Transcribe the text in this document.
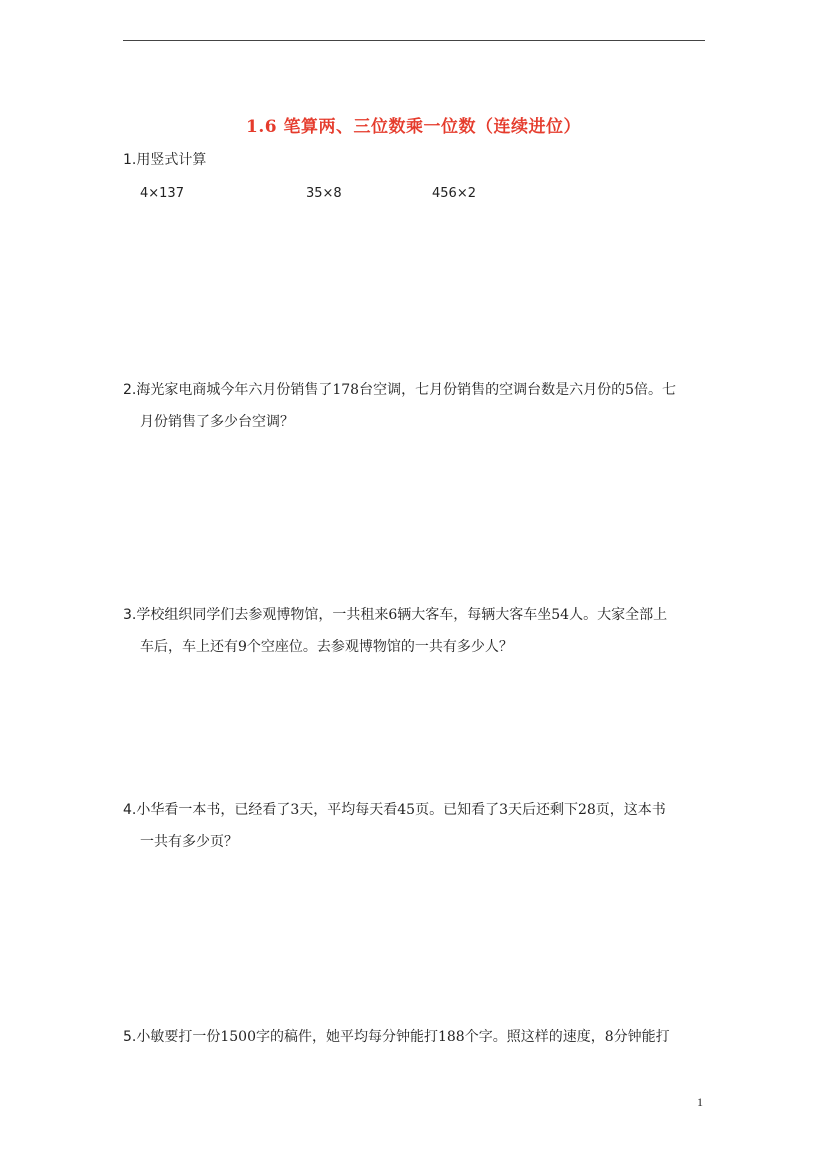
1.6 笔算两、三位数乘一位数（连续进位）
1.用竖式计算
4×137	35×8	456×2
2.海光家电商城今年六月份销售了178台空调，七月份销售的空调台数是六月份的5倍。七
月份销售了多少台空调？
3.学校组织同学们去参观博物馆，一共租来6辆大客车，每辆大客车坐54人。大家全部上
车后，车上还有9个空座位。去参观博物馆的一共有多少人？
4.小华看一本书，已经看了3天，平均每天看45页。已知看了3天后还剩下28页，这本书
一共有多少页？
5.小敏要打一份1500字的稿件，她平均每分钟能打188个字。照这样的速度，8分钟能打
1
